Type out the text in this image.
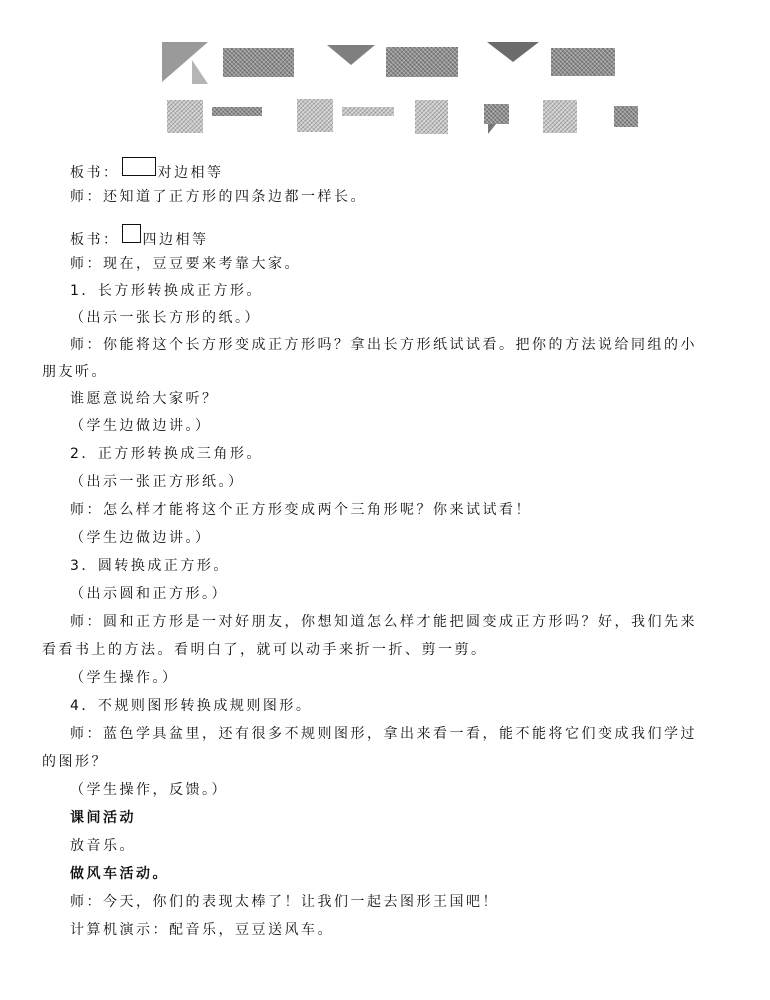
板书：	对边相等
师：还知道了正方形的四条边都一样长。
板书： 四边相等
师：现在，豆豆要来考靠大家。
1．长方形转换成正方形。
（出示一张长方形的纸。）
师：你能将这个长方形变成正方形吗？拿出长方形纸试试看。把你的方法说给同组的小
朋友听。
谁愿意说给大家听？
（学生边做边讲。）
2．正方形转换成三角形。
（出示一张正方形纸。）
师：怎么样才能将这个正方形变成两个三角形呢？你来试试看！
（学生边做边讲。）
3．圆转换成正方形。
（出示圆和正方形。）
师：圆和正方形是一对好朋友，你想知道怎么样才能把圆变成正方形吗？好，我们先来
看看书上的方法。看明白了，就可以动手来折一折、剪一剪。
（学生操作。）
4．不规则图形转换成规则图形。
师：蓝色学具盆里，还有很多不规则图形，拿出来看一看，能不能将它们变成我们学过
的图形？
（学生操作，反馈。）
课间活动
放音乐。
做风车活动。
师：今天，你们的表现太棒了！让我们一起去图形王国吧！
计算机演示：配音乐，豆豆送风车。
